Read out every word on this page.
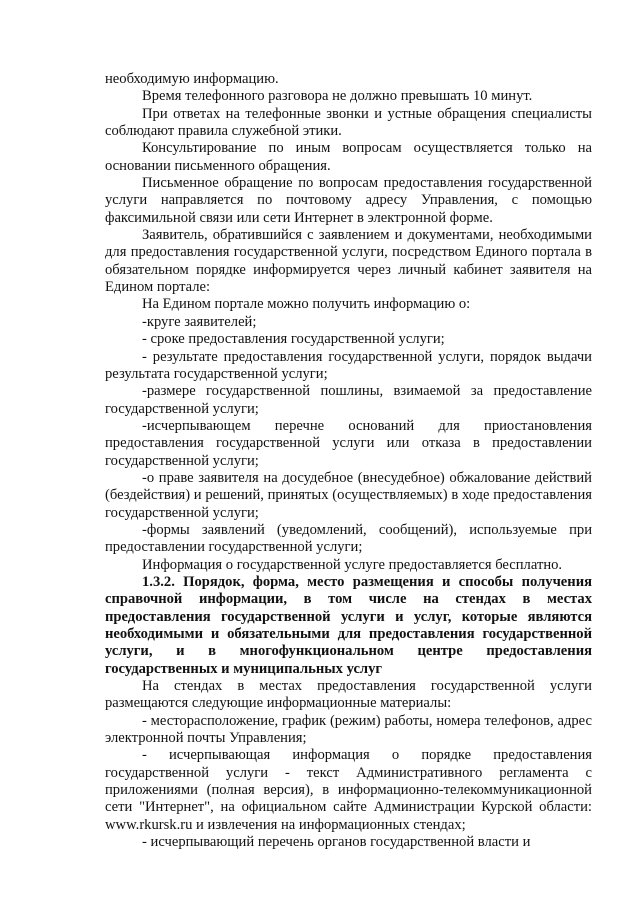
необходимую информацию.

Время телефонного разговора не должно превышать 10 минут.

При ответах на телефонные звонки и устные обращения специалисты соблюдают правила служебной этики.

Консультирование по иным вопросам осуществляется только на основании письменного обращения.

Письменное обращение по вопросам предоставления государственной услуги направляется по почтовому адресу Управления, с помощью факсимильной связи или сети Интернет в электронной форме.

Заявитель, обратившийся с заявлением и документами, необходимыми для предоставления государственной услуги, посредством Единого портала в обязательном порядке информируется через личный кабинет заявителя на Едином портале:

На Едином портале можно получить информацию о:

-круге заявителей;

- сроке предоставления государственной услуги;

- результате предоставления государственной услуги, порядок выдачи результата государственной услуги;

-размере государственной пошлины, взимаемой за предоставление государственной услуги;

-исчерпывающем перечне оснований для приостановления предоставления государственной услуги или отказа в предоставлении государственной услуги;

-о праве заявителя на досудебное (внесудебное) обжалование действий (бездействия) и решений, принятых (осуществляемых) в ходе предоставления государственной услуги;

-формы заявлений (уведомлений, сообщений), используемые при предоставлении государственной услуги;

Информация о государственной услуге предоставляется бесплатно.

1.3.2. Порядок, форма, место размещения и способы получения справочной информации, в том числе на стендах в местах предоставления государственной услуги и услуг, которые являются необходимыми и обязательными для предоставления государственной услуги, и в многофункциональном центре предоставления государственных и муниципальных услуг

На стендах в местах предоставления государственной услуги размещаются следующие информационные материалы:

- месторасположение, график (режим) работы, номера телефонов, адрес электронной почты Управления;

- исчерпывающая информация о порядке предоставления государственной услуги - текст Административного регламента с приложениями (полная версия), в информационно-телекоммуникационной сети "Интернет", на официальном сайте Администрации Курской области: www.rkursk.ru и извлечения на информационных стендах;

- исчерпывающий перечень органов государственной власти и
